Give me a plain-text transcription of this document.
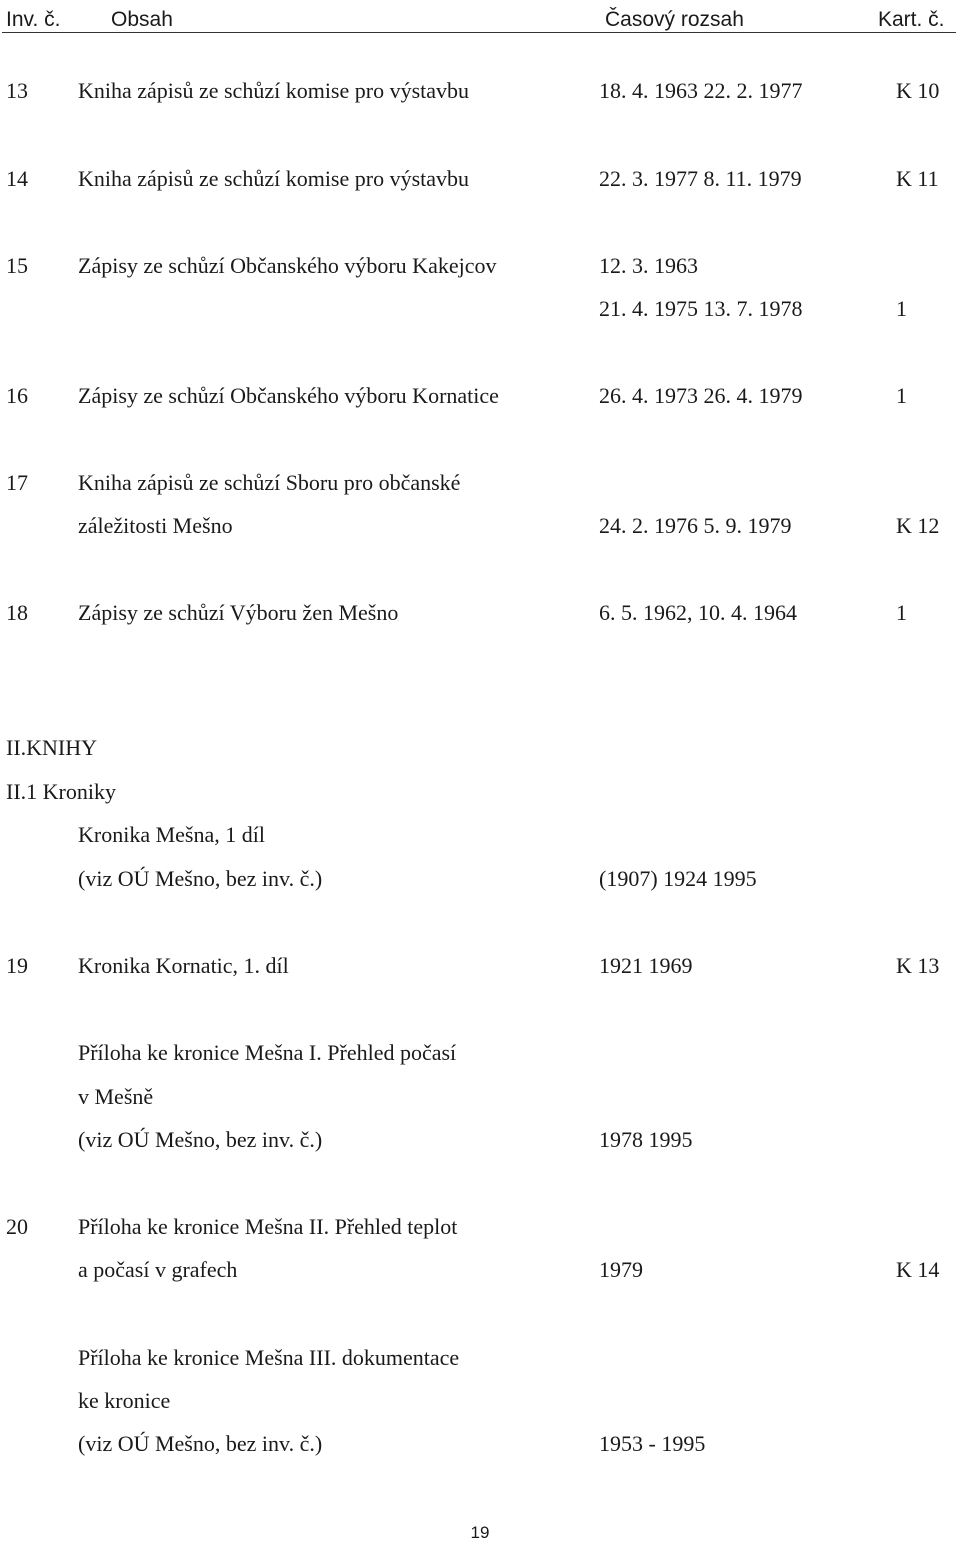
Inv. č. Obsah	Časový rozsah	Kart. č.
13 Kniha zápisů ze schůzí komise pro výstavbu	18. 4. 1963 22. 2. 1977	K 10
14 Kniha zápisů ze schůzí komise pro výstavbu	22. 3. 1977 8. 11. 1979	K 11
15 Zápisy ze schůzí Občanského výboru Kakejcov	12. 3. 1963
21. 4. 1975 13. 7. 1978	1
16 Zápisy ze schůzí Občanského výboru Kornatice	26. 4. 1973 26. 4. 1979	1
17 Kniha zápisů ze schůzí Sboru pro občanské
záležitosti Mešno	24. 2. 1976 5. 9. 1979	K 12
18 Zápisy ze schůzí Výboru žen Mešno	6. 5. 1962, 10. 4. 1964	1
II.KNIHY
II.1 Kroniky
Kronika Mešna, 1 díl
(viz OÚ Mešno, bez inv. č.)	(1907) 1924 1995
19 Kronika Kornatic, 1. díl	1921 1969	K 13
Příloha ke kronice Mešna I. Přehled počasí
v Mešně
(viz OÚ Mešno, bez inv. č.)	1978 1995
20 Příloha ke kronice Mešna II. Přehled teplot
a počasí v grafech	1979	K 14
Příloha ke kronice Mešna III. dokumentace
ke kronice
(viz OÚ Mešno, bez inv. č.)	1953 - 1995
19
